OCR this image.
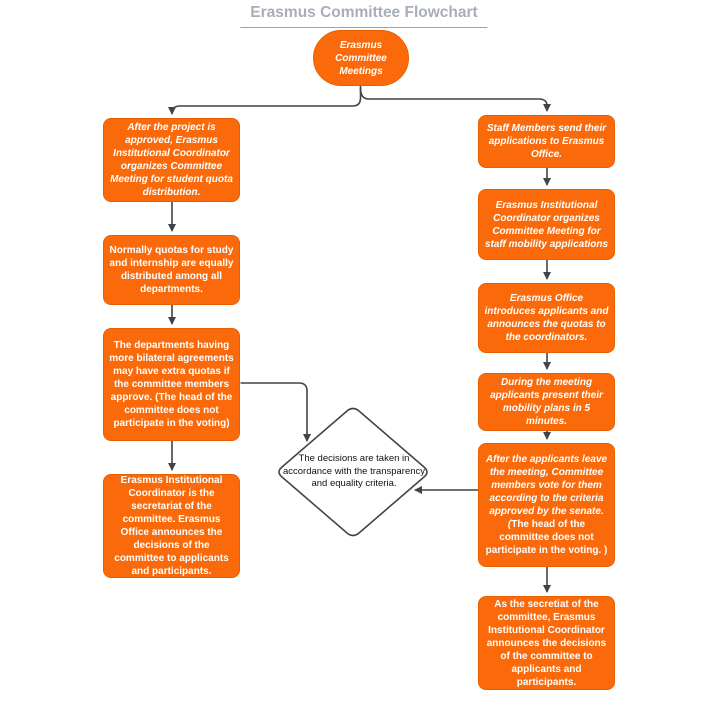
Erasmus Committee Flowchart
Erasmus Committee Meetings
After the project is approved, Erasmus Institutional Coordinator organizes Committee Meeting for student quota distribution.
Normally quotas for study and internship are equally distributed among all departments.
The departments having more bilateral agreements may have extra quotas if the committee members approve. (The head of the committee does not participate in the voting)
Erasmus Institutional Coordinator is the secretariat of the committee. Erasmus Office announces the decisions of the committee to applicants and participants.
Staff Members send their applications to Erasmus Office.
Erasmus Institutional Coordinator organizes Committee Meeting for staff mobility applications
Erasmus Office introduces applicants and announces the quotas to the coordinators.
During the meeting applicants present their mobility plans in 5 minutes.
After the applicants leave the meeting, Committee members vote for them according to the criteria approved by the senate. (The head of the committee does not participate in the voting. )
As the secretiat of the committee, Erasmus Institutional Coordinator announces the decisions of the committee to applicants and participants.
The decisions are taken in accordance with the transparency and equality criteria.
